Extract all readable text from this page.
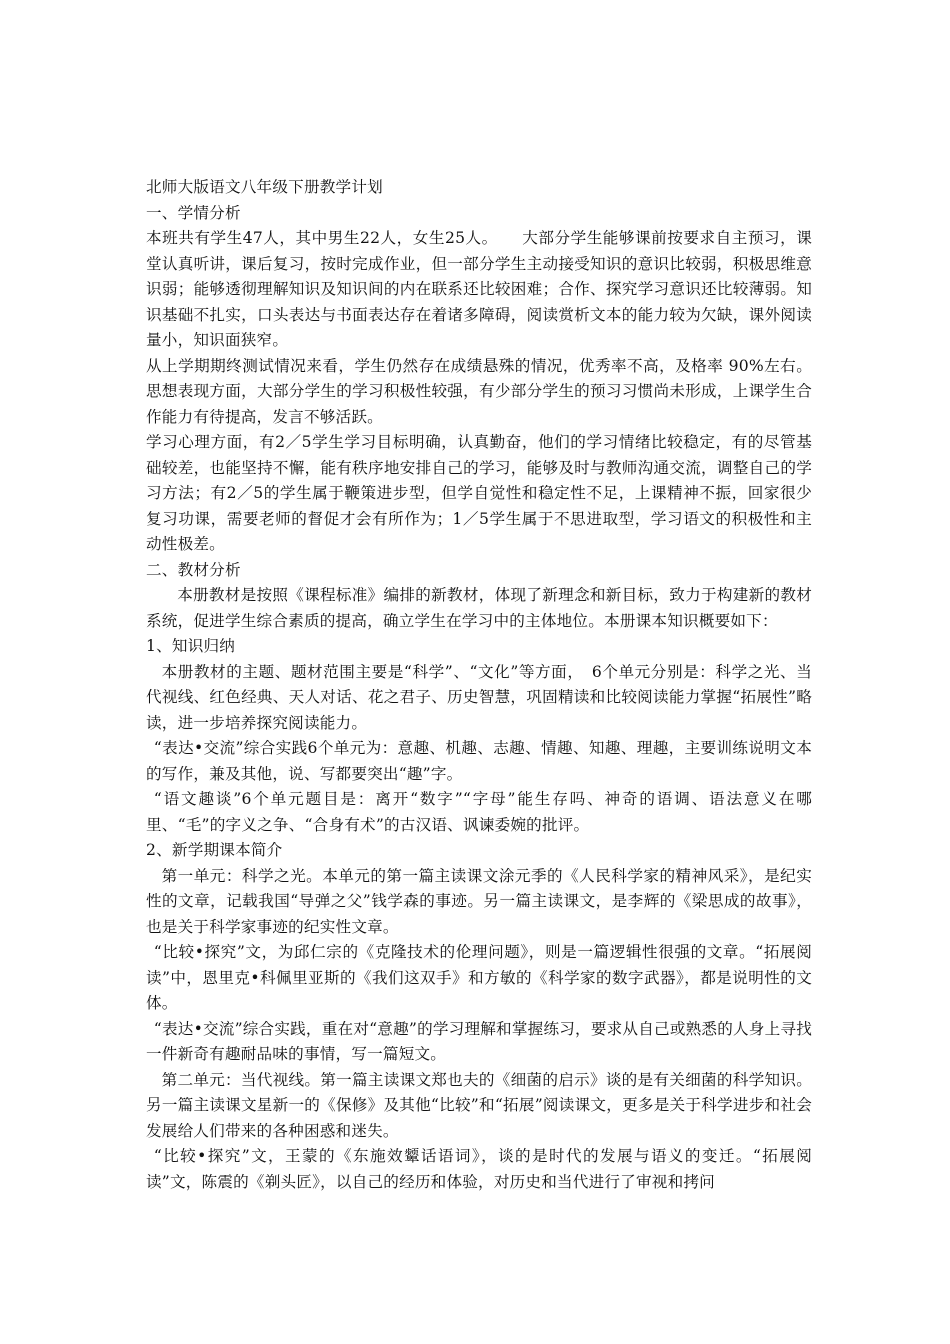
北师大版语文八年级下册教学计划

一、学情分析

本班共有学生47人，其中男生22人，女生25人。　　大部分学生能够课前按要求自主预习，课堂认真听讲，课后复习，按时完成作业，但一部分学生主动接受知识的意识比较弱，积极思维意识弱；能够透彻理解知识及知识间的内在联系还比较困难；合作、探究学习意识还比较薄弱。知识基础不扎实，口头表达与书面表达存在着诸多障碍，阅读赏析文本的能力较为欠缺，课外阅读量小，知识面狭窄。

从上学期期终测试情况来看，学生仍然存在成绩悬殊的情况，优秀率不高，及格率 90%左右。思想表现方面，大部分学生的学习积极性较强，有少部分学生的预习习惯尚未形成，上课学生合作能力有待提高，发言不够活跃。

学习心理方面，有2／5学生学习目标明确，认真勤奋，他们的学习情绪比较稳定，有的尽管基础较差，也能坚持不懈，能有秩序地安排自己的学习，能够及时与教师沟通交流，调整自己的学习方法；有2／5的学生属于鞭策进步型，但学自觉性和稳定性不足，上课精神不振，回家很少复习功课，需要老师的督促才会有所作为；1／5学生属于不思进取型，学习语文的积极性和主动性极差。

二、教材分析

本册教材是按照《课程标准》编排的新教材，体现了新理念和新目标，致力于构建新的教材系统，促进学生综合素质的提高，确立学生在学习中的主体地位。本册课本知识概要如下：

1、知识归纳

本册教材的主题、题材范围主要是“科学”、“文化”等方面，　6个单元分别是：科学之光、当代视线、红色经典、天人对话、花之君子、历史智慧，巩固精读和比较阅读能力掌握“拓展性”略读，进一步培养探究阅读能力。

“表达•交流”综合实践6个单元为：意趣、机趣、志趣、情趣、知趣、理趣，主要训练说明文本的写作，兼及其他，说、写都要突出“趣”字。

“语文趣谈”6个单元题目是：离开“数字”“字母”能生存吗、神奇的语调、语法意义在哪里、“毛”的字义之争、“合身有术”的古汉语、讽谏委婉的批评。

2、新学期课本简介

第一单元：科学之光。本单元的第一篇主读课文涂元季的《人民科学家的精神风采》，是纪实性的文章，记载我国“导弹之父”钱学森的事迹。另一篇主读课文，是李辉的《梁思成的故事》，也是关于科学家事迹的纪实性文章。

“比较•探究”文，为邱仁宗的《克隆技术的伦理问题》，则是一篇逻辑性很强的文章。“拓展阅读”中，恩里克•科佩里亚斯的《我们这双手》和方敏的《科学家的数字武器》，都是说明性的文体。

“表达•交流”综合实践，重在对“意趣”的学习理解和掌握练习，要求从自己或熟悉的人身上寻找一件新奇有趣耐品味的事情，写一篇短文。

第二单元：当代视线。第一篇主读课文郑也夫的《细菌的启示》谈的是有关细菌的科学知识。另一篇主读课文星新一的《保修》及其他“比较”和“拓展”阅读课文，更多是关于科学进步和社会发展给人们带来的各种困惑和迷失。

“比较•探究”文，王蒙的《东施效颦话语词》，谈的是时代的发展与语义的变迁。“拓展阅读”文，陈震的《剃头匠》，以自己的经历和体验，对历史和当代进行了审视和拷问
